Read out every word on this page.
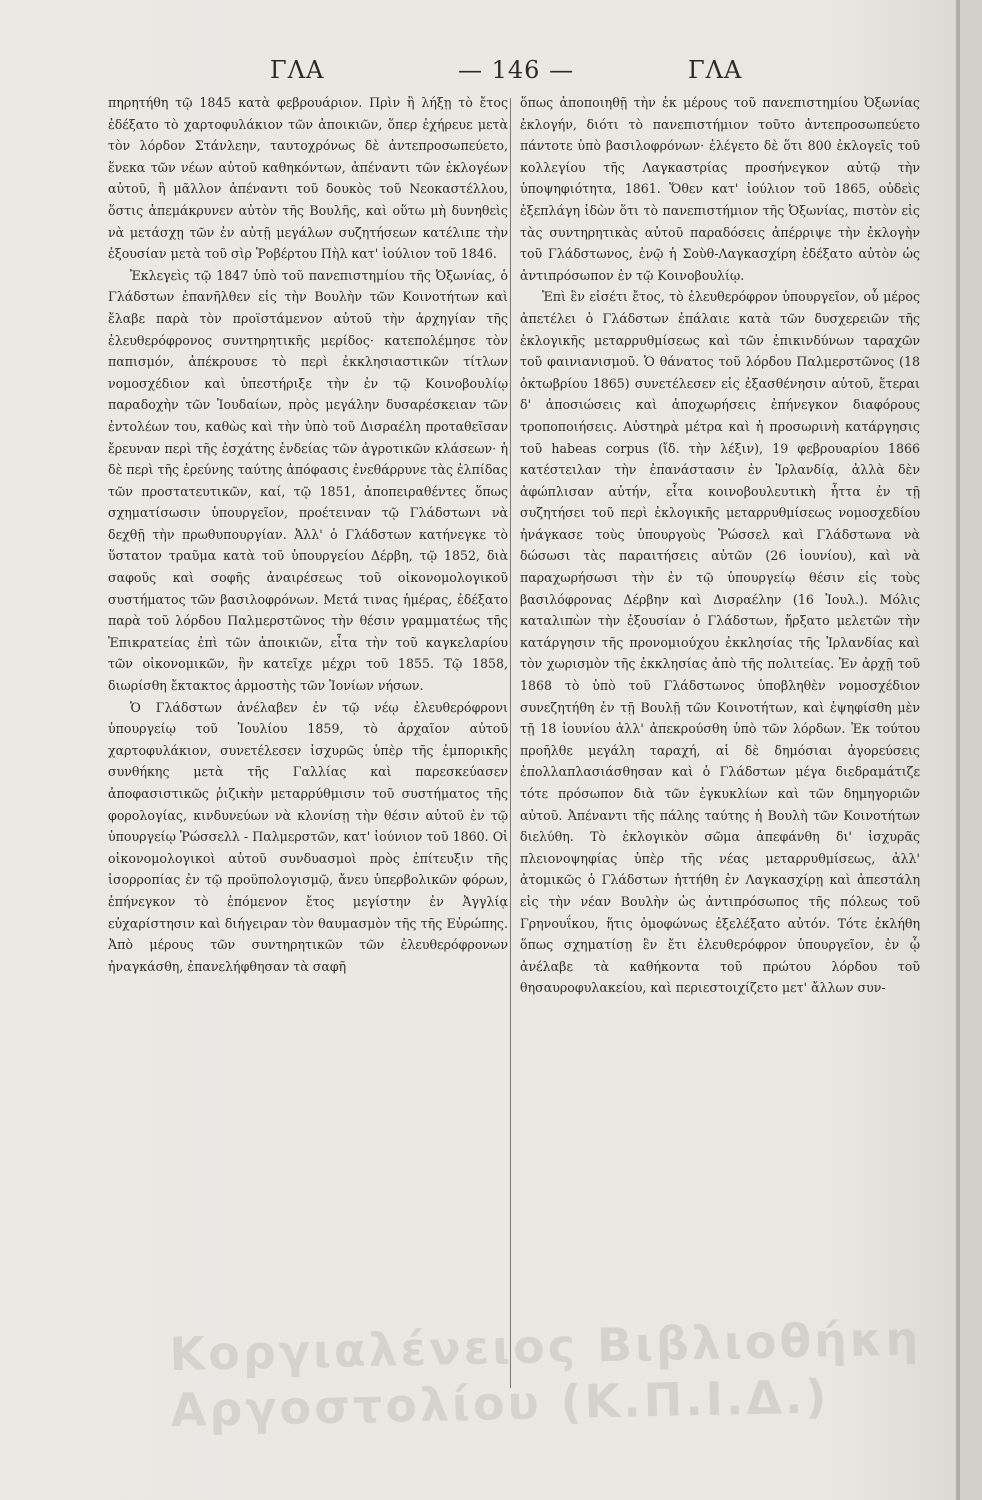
ΓΛΑ	— 146 —	ΓΛΑ

πηρητήθη τῷ 1845 κατὰ φεβρουάριον. Πρὶν ἢ λήξῃ τὸ ἔτος ἐδέξατο τὸ χαρτοφυλάκιον τῶν ἀποικιῶν, ὅπερ ἐχήρευε μετὰ τὸν λόρδον Στάνλεην, ταυτοχρόνως δὲ ἀντεπροσωπεύετο, ἕνεκα τῶν νέων αὐτοῦ καθηκόντων, ἀπέναντι τῶν ἐκλογέων αὐτοῦ, ἢ μᾶλλον ἀπέναντι τοῦ δουκὸς τοῦ Νεοκαστέλλου, ὅστις ἀπεμάκρυνεν αὐτὸν τῆς Βουλῆς, καὶ οὕτω μὴ δυνηθεὶς νὰ μετάσχῃ τῶν ἐν αὐτῇ μεγάλων συζητήσεων κατέλιπε τὴν ἐξουσίαν μετὰ τοῦ σὶρ Ῥοβέρτου Πὴλ κατ' ἰούλιον τοῦ 1846.

Ἐκλεγεὶς τῷ 1847 ὑπὸ τοῦ πανεπιστημίου τῆς Ὀξωνίας, ὁ Γλάδστων ἐπανῆλθεν εἰς τὴν Βουλὴν τῶν Κοινοτήτων καὶ ἔλαβε παρὰ τὸν προϊστάμενον αὐτοῦ τὴν ἀρχηγίαν τῆς ἐλευθερόφρονος συντηρητικῆς μερίδος· κατεπολέμησε τὸν παπισμόν, ἀπέκρουσε τὸ περὶ ἐκκλησιαστικῶν τίτλων νομοσχέδιον καὶ ὑπεστήριξε τὴν ἐν τῷ Κοινοβουλίῳ παραδοχὴν τῶν Ἰουδαίων, πρὸς μεγάλην δυσαρέσκειαν τῶν ἐντολέων του, καθὼς καὶ τὴν ὑπὸ τοῦ Δισραέλη προταθεῖσαν ἔρευναν περὶ τῆς ἐσχάτης ἐνδείας τῶν ἀγροτικῶν κλάσεων· ἡ δὲ περὶ τῆς ἐρεύνης ταύτης ἀπόφασις ἐνεθάρρυνε τὰς ἐλπίδας τῶν προστατευτικῶν, καί, τῷ 1851, ἀποπειραθέντες ὅπως σχηματίσωσιν ὑπουργεῖον, προέτειναν τῷ Γλάδστωνι νὰ δεχθῇ τὴν πρωθυπουργίαν. Ἀλλ' ὁ Γλάδστων κατήνεγκε τὸ ὕστατον τραῦμα κατὰ τοῦ ὑπουργείου Δέρβη, τῷ 1852, διὰ σαφοῦς καὶ σοφῆς ἀναιρέσεως τοῦ οἰκονομολογικοῦ συστήματος τῶν βασιλοφρόνων. Μετά τινας ἡμέρας, ἐδέξατο παρὰ τοῦ λόρδου Παλμερστῶνος τὴν θέσιν γραμματέως τῆς Ἐπικρατείας ἐπὶ τῶν ἀποικιῶν, εἶτα τὴν τοῦ καγκελαρίου τῶν οἰκονομικῶν, ἣν κατεῖχε μέχρι τοῦ 1855. Τῷ 1858, διωρίσθη ἔκτακτος ἁρμοστὴς τῶν Ἰονίων νήσων.

Ὁ Γλάδστων ἀνέλαβεν ἐν τῷ νέῳ ἐλευθερόφρονι ὑπουργείῳ τοῦ Ἰουλίου 1859, τὸ ἀρχαῖον αὐτοῦ χαρτοφυλάκιον, συνετέλεσεν ἰσχυρῶς ὑπὲρ τῆς ἐμπορικῆς συνθήκης μετὰ τῆς Γαλλίας καὶ παρεσκεύασεν ἀποφασιστικῶς ῥιζικὴν μεταρρύθμισιν τοῦ συστήματος τῆς φορολογίας, κινδυνεύων νὰ κλονίσῃ τὴν θέσιν αὐτοῦ ἐν τῷ ὑπουργείῳ Ῥώσσελλ - Παλμερστῶν, κατ' ἰούνιον τοῦ 1860. Οἱ οἰκονομολογικοὶ αὐτοῦ συνδυασμοὶ πρὸς ἐπίτευξιν τῆς ἰσορροπίας ἐν τῷ προϋπολογισμῷ, ἄνευ ὑπερβολικῶν φόρων, ἐπήνεγκον τὸ ἑπόμενον ἔτος μεγίστην ἐν Ἀγγλίᾳ εὐχαρίστησιν καὶ διήγειραν τὸν θαυμασμὸν τῆς τῆς Εὐρώπης. Ἀπὸ μέρους τῶν συντηρητικῶν τῶν ἐλευθερόφρονων ἠναγκάσθη, ἐπανελήφθησαν τὰ σαφῆ

ὅπως ἀποποιηθῇ τὴν ἐκ μέρους τοῦ πανεπιστημίου Ὀξωνίας ἐκλογήν, διότι τὸ πανεπιστήμιον τοῦτο ἀντεπροσωπεύετο πάντοτε ὑπὸ βασιλοφρόνων· ἐλέγετο δὲ ὅτι 800 ἐκλογεῖς τοῦ κολλεγίου τῆς Λαγκαστρίας προσήνεγκον αὐτῷ τὴν ὑποψηφιότητα, 1861. Ὅθεν κατ' ἰούλιον τοῦ 1865, οὐδεὶς ἐξεπλάγη ἰδὼν ὅτι τὸ πανεπιστήμιον τῆς Ὀξωνίας, πιστὸν εἰς τὰς συντηρητικὰς αὐτοῦ παραδόσεις ἀπέρριψε τὴν ἐκλογὴν τοῦ Γλάδστωνος, ἐνῷ ἡ Σοὺθ-Λαγκασχίρη ἐδέξατο αὐτὸν ὡς ἀντιπρόσωπον ἐν τῷ Κοινοβουλίῳ.

Ἐπὶ ἓν εἰσέτι ἔτος, τὸ ἐλευθερόφρον ὑπουργεῖον, οὗ μέρος ἀπετέλει ὁ Γλάδστων ἐπάλαιε κατὰ τῶν δυσχερειῶν τῆς ἐκλογικῆς μεταρρυθμίσεως καὶ τῶν ἐπικινδύνων ταραχῶν τοῦ φαινιανισμοῦ. Ὁ θάνατος τοῦ λόρδου Παλμερστῶνος (18 ὀκτωβρίου 1865) συνετέλεσεν εἰς ἐξασθένησιν αὐτοῦ, ἕτεραι δ' ἀποσιώσεις καὶ ἀποχωρήσεις ἐπήνεγκον διαφόρους τροποποιήσεις. Αὐστηρὰ μέτρα καὶ ἡ προσωρινὴ κατάργησις τοῦ habeas corpus (ἴδ. τὴν λέξιν), 19 φεβρουαρίου 1866 κατέστειλαν τὴν ἐπανάστασιν ἐν Ἰρλανδίᾳ, ἀλλὰ δὲν ἀφώπλισαν αὐτήν, εἶτα κοινοβουλευτικὴ ἧττα ἐν τῇ συζητήσει τοῦ περὶ ἐκλογικῆς μεταρρυθμίσεως νομοσχεδίου ἠνάγκασε τοὺς ὑπουργοὺς Ῥώσσελ καὶ Γλάδστωνα νὰ δώσωσι τὰς παραιτήσεις αὐτῶν (26 ἰουνίου), καὶ νὰ παραχωρήσωσι τὴν ἐν τῷ ὑπουργείῳ θέσιν εἰς τοὺς βασιλόφρονας Δέρβην καὶ Δισραέλην (16 Ἰουλ.). Μόλις καταλιπὼν τὴν ἐξουσίαν ὁ Γλάδστων, ἤρξατο μελετῶν τὴν κατάργησιν τῆς προνομιούχου ἐκκλησίας τῆς Ἰρλανδίας καὶ τὸν χωρισμὸν τῆς ἐκκλησίας ἀπὸ τῆς πολιτείας. Ἐν ἀρχῇ τοῦ 1868 τὸ ὑπὸ τοῦ Γλάδστωνος ὑποβληθὲν νομοσχέδιον συνεζητήθη ἐν τῇ Βουλῇ τῶν Κοινοτήτων, καὶ ἐψηφίσθη μὲν τῇ 18 ἰουνίου ἀλλ' ἀπεκρούσθη ὑπὸ τῶν λόρδων. Ἐκ τούτου προῆλθε μεγάλη ταραχή, αἱ δὲ δημόσιαι ἀγορεύσεις ἐπολλαπλασιάσθησαν καὶ ὁ Γλάδστων μέγα διεδραμάτιζε τότε πρόσωπον διὰ τῶν ἐγκυκλίων καὶ τῶν δημηγοριῶν αὐτοῦ. Ἀπέναντι τῆς πάλης ταύτης ἡ Βουλὴ τῶν Κοινοτήτων διελύθη. Τὸ ἐκλογικὸν σῶμα ἀπεφάνθη δι' ἰσχυρᾶς πλειονοψηφίας ὑπὲρ τῆς νέας μεταρρυθμίσεως, ἀλλ' ἀτομικῶς ὁ Γλάδστων ἡττήθη ἐν Λαγκασχίρῃ καὶ ἀπεστάλη εἰς τὴν νέαν Βουλὴν ὡς ἀντιπρόσωπος τῆς πόλεως τοῦ Γρηνουΐκου, ἥτις ὁμοφώνως ἐξελέξατο αὐτόν. Τότε ἐκλήθη ὅπως σχηματίσῃ ἓν ἔτι ἐλευθερόφρον ὑπουργεῖον, ἐν ᾧ ἀνέλαβε τὰ καθήκοντα τοῦ πρώτου λόρδου τοῦ θησαυροφυλακείου, καὶ περιεστοιχίζετο μετ' ἄλλων συν-

Κοργιαλένειος Βιβλιοθήκη Αργοστολίου (Κ.Π.Ι.Δ.)
